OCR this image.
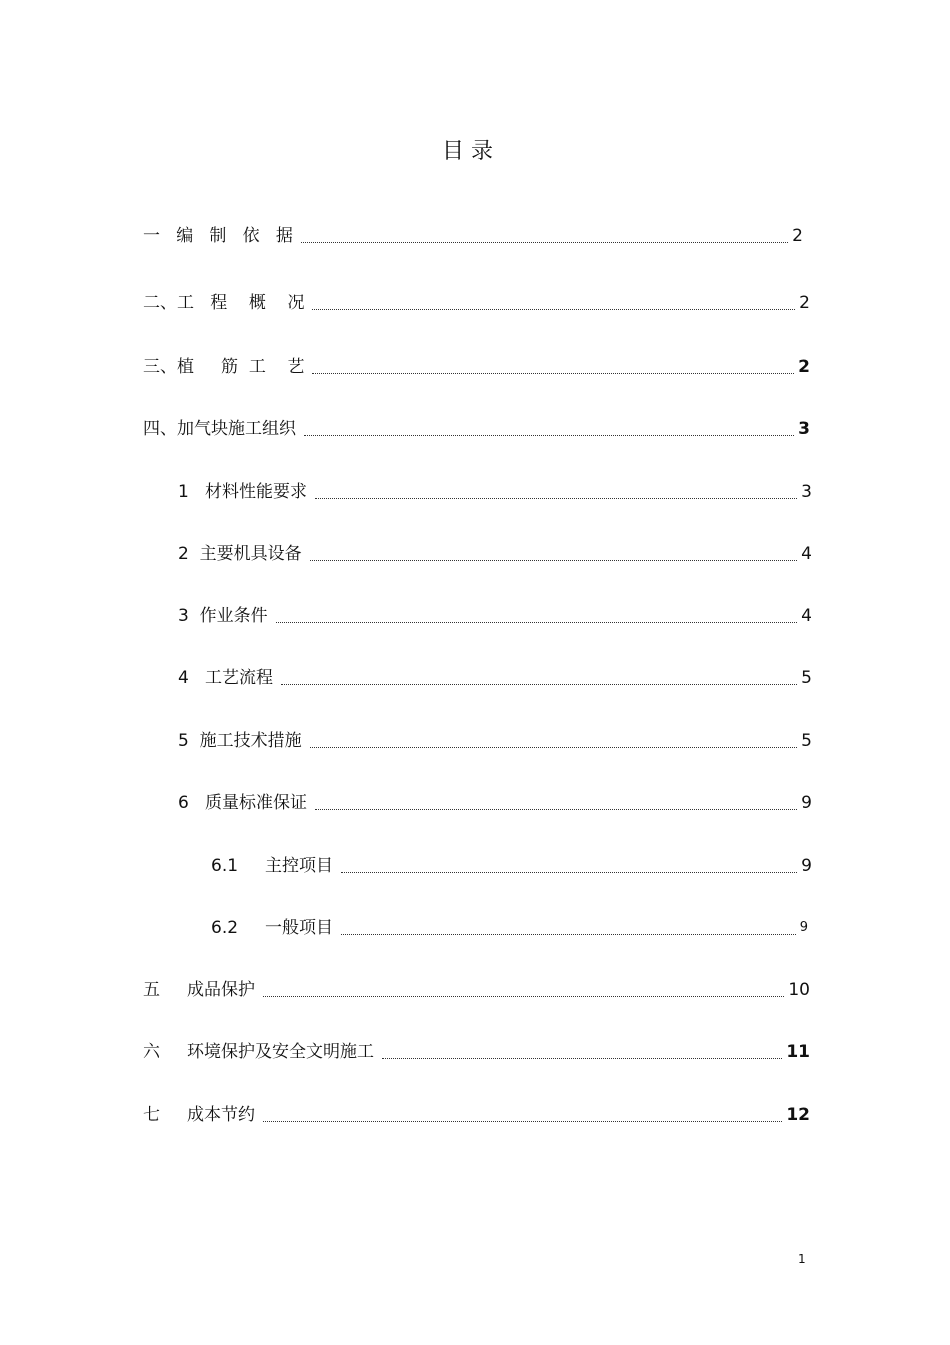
目 录
一   编   制   依   据	2
二、工   程    概    况	2
三、植     筋  工    艺	2
四、加气块施工组织	3
1   材料性能要求	3
2  主要机具设备	4
3  作业条件	4
4   工艺流程	5
5  施工技术措施	5
6   质量标准保证	9
6.1     主控项目	9
6.2     一般项目	9
五     成品保护	10
六     环境保护及安全文明施工	11
七     成本节约	12
1
